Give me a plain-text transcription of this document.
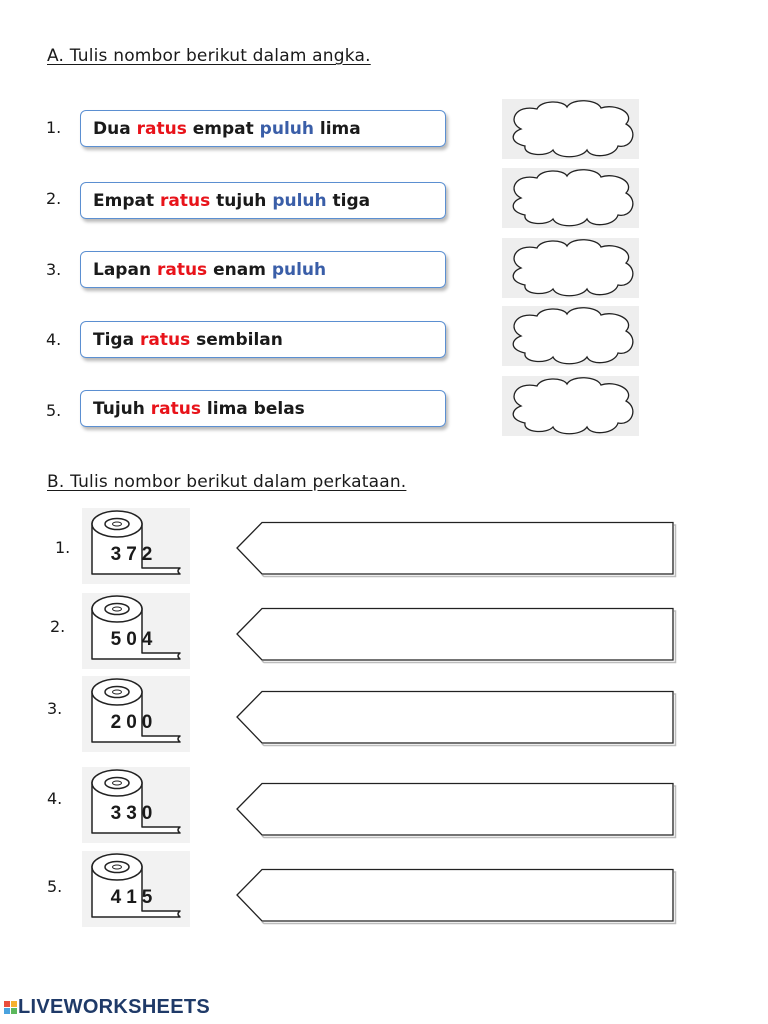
A. Tulis nombor berikut dalam angka.
B. Tulis nombor berikut dalam perkataan.
LIVEWORKSHEETS
1. Dua ratus empat puluh lima
2. Empat ratus tujuh puluh tiga
3. Lapan ratus enam puluh
4. Tiga ratus sembilan
5. Tujuh ratus lima belas
1.	372
2.
504
3.
200
4.
330
5.
415
